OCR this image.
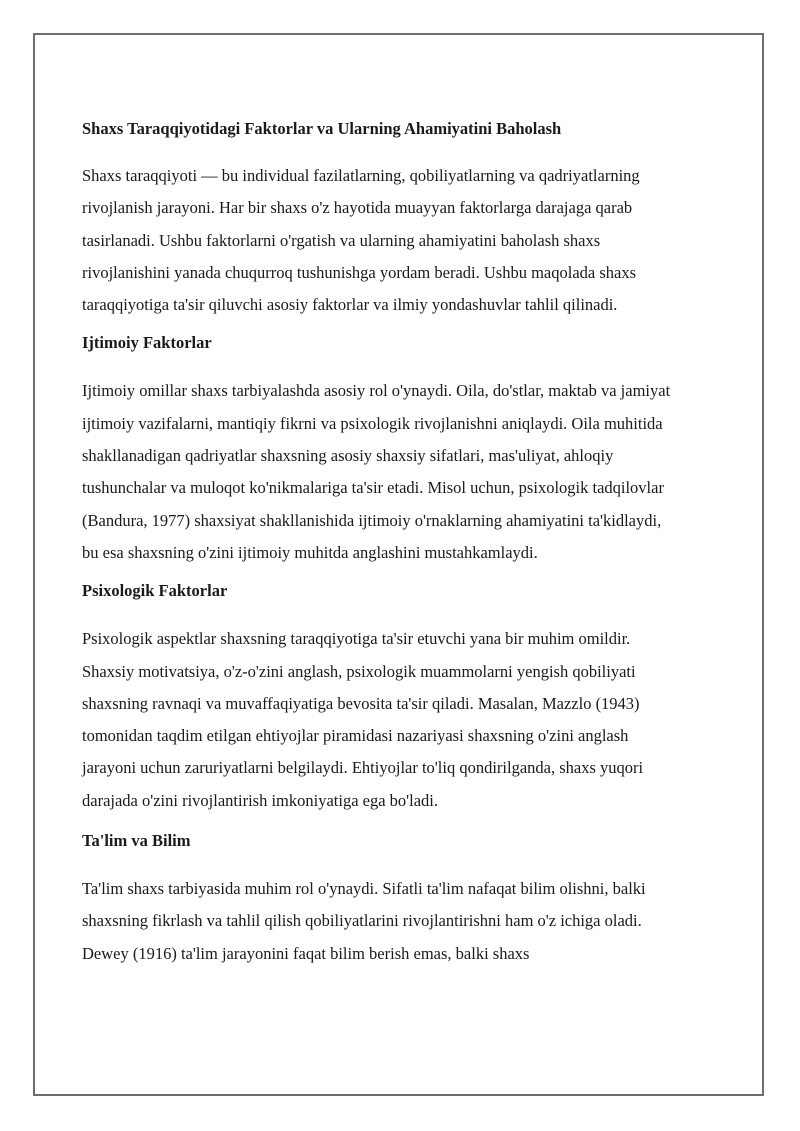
Shaxs Taraqqiyotidagi Faktorlar va Ularning Ahamiyatini Baholash

Shaxs taraqqiyoti — bu individual fazilatlarning, qobiliyatlarning va qadriyatlarning rivojlanish jarayoni. Har bir shaxs o'z hayotida muayyan faktorlarga darajaga qarab tasirlanadi. Ushbu faktorlarni o'rgatish va ularning ahamiyatini baholash shaxs rivojlanishini yanada chuqurroq tushunishga yordam beradi. Ushbu maqolada shaxs taraqqiyotiga ta'sir qiluvchi asosiy faktorlar va ilmiy yondashuvlar tahlil qilinadi.

Ijtimoiy Faktorlar

Ijtimoiy omillar shaxs tarbiyalashda asosiy rol o'ynaydi. Oila, do'stlar, maktab va jamiyat ijtimoiy vazifalarni, mantiqiy fikrni va psixologik rivojlanishni aniqlaydi. Oila muhitida shakllanadigan qadriyatlar shaxsning asosiy shaxsiy sifatlari, mas'uliyat, ahloqiy tushunchalar va muloqot ko'nikmalariga ta'sir etadi. Misol uchun, psixologik tadqilovlar (Bandura, 1977) shaxsiyat shakllanishida ijtimoiy o'rnaklarning ahamiyatini ta'kidlaydi, bu esa shaxsning o'zini ijtimoiy muhitda anglashini mustahkamlaydi.

Psixologik Faktorlar

Psixologik aspektlar shaxsning taraqqiyotiga ta'sir etuvchi yana bir muhim omildir. Shaxsiy motivatsiya, o'z-o'zini anglash, psixologik muammolarni yengish qobiliyati shaxsning ravnaqi va muvaffaqiyatiga bevosita ta'sir qiladi. Masalan, Mazzlo (1943) tomonidan taqdim etilgan ehtiyojlar piramidasi nazariyasi shaxsning o'zini anglash jarayoni uchun zaruriyatlarni belgilaydi. Ehtiyojlar to'liq qondirilganda, shaxs yuqori darajada o'zini rivojlantirish imkoniyatiga ega bo'ladi.

Ta'lim va Bilim

Ta'lim shaxs tarbiyasida muhim rol o'ynaydi. Sifatli ta'lim nafaqat bilim olishni, balki shaxsning fikrlash va tahlil qilish qobiliyatlarini rivojlantirishni ham o'z ichiga oladi. Dewey (1916) ta'lim jarayonini faqat bilim berish emas, balki shaxs
